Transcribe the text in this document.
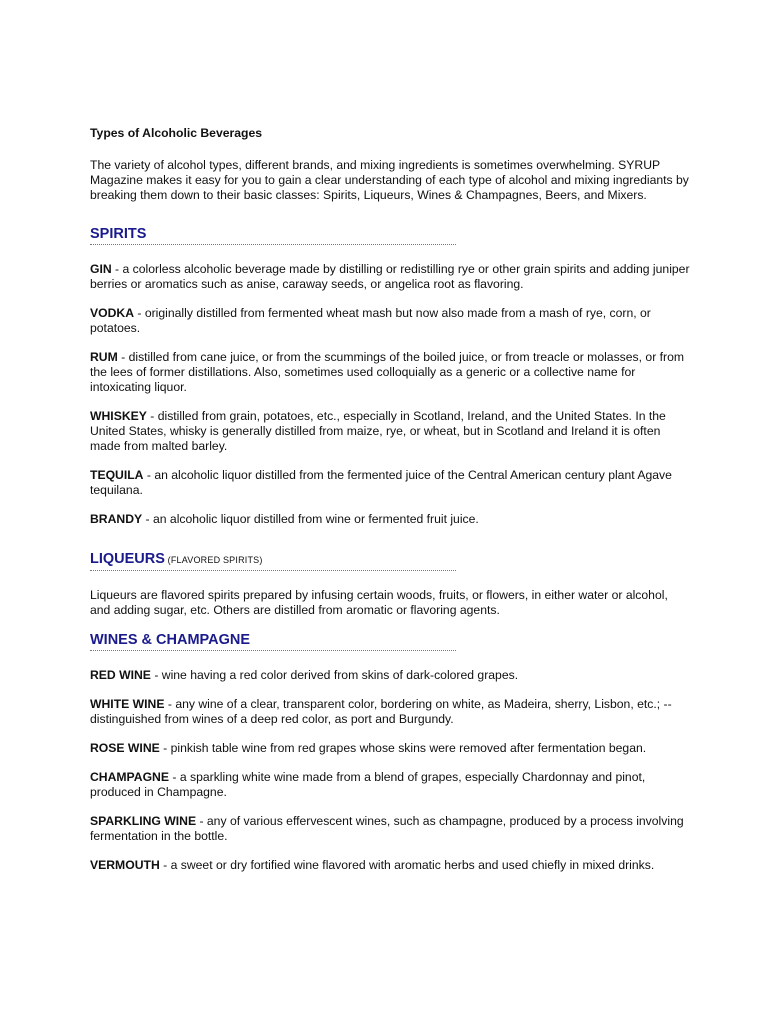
Types of Alcoholic Beverages

The variety of alcohol types, different brands, and mixing ingredients is sometimes overwhelming. SYRUP Magazine makes it easy for you to gain a clear understanding of each type of alcohol and mixing ingrediants by breaking them down to their basic classes: Spirits, Liqueurs, Wines & Champagnes, Beers, and Mixers.

SPIRITS

GIN - a colorless alcoholic beverage made by distilling or redistilling rye or other grain spirits and adding juniper berries or aromatics such as anise, caraway seeds, or angelica root as flavoring.

VODKA - originally distilled from fermented wheat mash but now also made from a mash of rye, corn, or potatoes.

RUM - distilled from cane juice, or from the scummings of the boiled juice, or from treacle or molasses, or from the lees of former distillations. Also, sometimes used colloquially as a generic or a collective name for intoxicating liquor.

WHISKEY - distilled from grain, potatoes, etc., especially in Scotland, Ireland, and the United States. In the United States, whisky is generally distilled from maize, rye, or wheat, but in Scotland and Ireland it is often made from malted barley.

TEQUILA - an alcoholic liquor distilled from the fermented juice of the Central American century plant Agave tequilana.

BRANDY - an alcoholic liquor distilled from wine or fermented fruit juice.

LIQUEURS (FLAVORED SPIRITS)

Liqueurs are flavored spirits prepared by infusing certain woods, fruits, or flowers, in either water or alcohol, and adding sugar, etc. Others are distilled from aromatic or flavoring agents.

WINES & CHAMPAGNE

RED WINE - wine having a red color derived from skins of dark-colored grapes.

WHITE WINE - any wine of a clear, transparent color, bordering on white, as Madeira, sherry, Lisbon, etc.; -- distinguished from wines of a deep red color, as port and Burgundy.

ROSE WINE - pinkish table wine from red grapes whose skins were removed after fermentation began.

CHAMPAGNE - a sparkling white wine made from a blend of grapes, especially Chardonnay and pinot, produced in Champagne.

SPARKLING WINE - any of various effervescent wines, such as champagne, produced by a process involving fermentation in the bottle.

VERMOUTH - a sweet or dry fortified wine flavored with aromatic herbs and used chiefly in mixed drinks.
